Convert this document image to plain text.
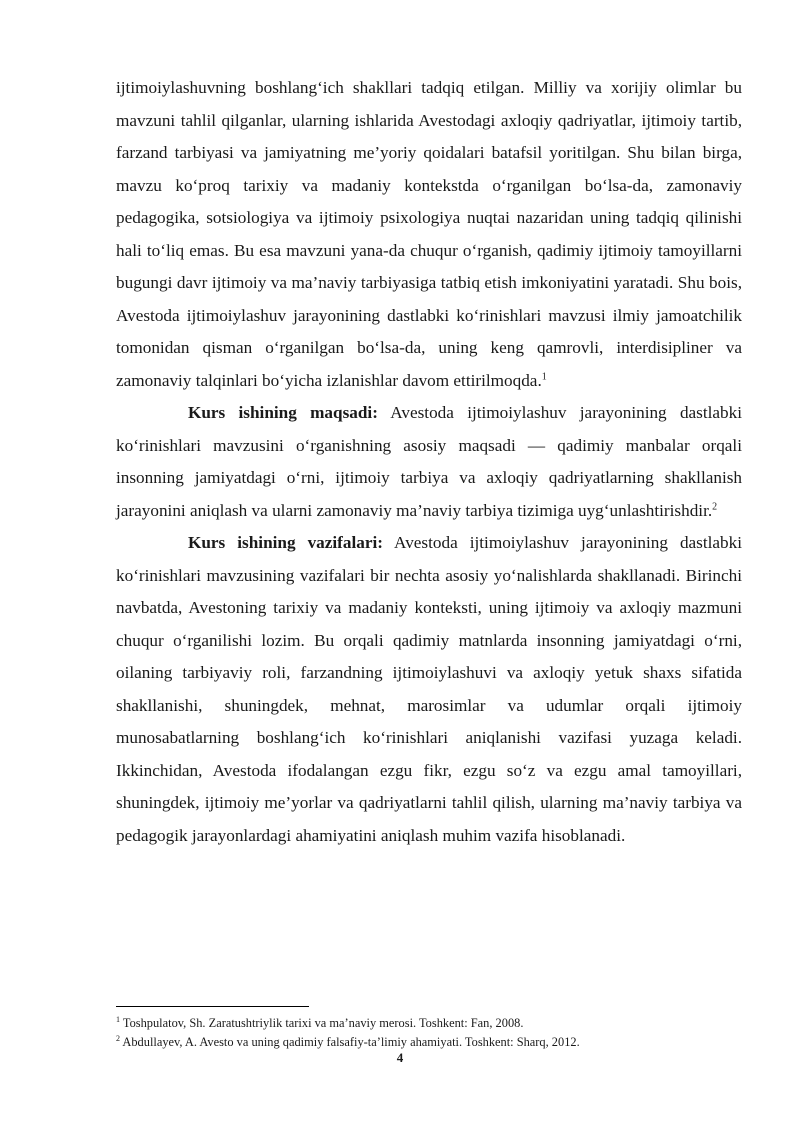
ijtimoiylashuvning boshlang‘ich shakllari tadqiq etilgan. Milliy va xorijiy olimlar bu mavzuni tahlil qilganlar, ularning ishlarida Avestodagi axloqiy qadriyatlar, ijtimoiy tartib, farzand tarbiyasi va jamiyatning me’yoriy qoidalari batafsil yoritilgan. Shu bilan birga, mavzu ko‘proq tarixiy va madaniy kontekstda o‘rganilgan bo‘lsa-da, zamonaviy pedagogika, sotsiologiya va ijtimoiy psixologiya nuqtai nazaridan uning tadqiq qilinishi hali to‘liq emas. Bu esa mavzuni yana-da chuqur o‘rganish, qadimiy ijtimoiy tamoyillarni bugungi davr ijtimoiy va ma’naviy tarbiyasiga tatbiq etish imkoniyatini yaratadi. Shu bois, Avestoda ijtimoiylashuv jarayonining dastlabki ko‘rinishlari mavzusi ilmiy jamoatchilik tomonidan qisman o‘rganilgan bo‘lsa-da, uning keng qamrovli, interdisipliner va zamonaviy talqinlari bo‘yicha izlanishlar davom ettirilmoqda.$^1$

Kurs ishining maqsadi: Avestoda ijtimoiylashuv jarayonining dastlabki ko‘rinishlari mavzusini o‘rganishning asosiy maqsadi — qadimiy manbalar orqali insonning jamiyatdagi o‘rni, ijtimoiy tarbiya va axloqiy qadriyatlarning shakllanish jarayonini aniqlash va ularni zamonaviy ma’naviy tarbiya tizimiga uyg‘unlashtirishdir.$^2$

Kurs ishining vazifalari: Avestoda ijtimoiylashuv jarayonining dastlabki ko‘rinishlari mavzusining vazifalari bir nechta asosiy yo‘nalishlarda shakllanadi. Birinchi navbatda, Avestoning tarixiy va madaniy konteksti, uning ijtimoiy va axloqiy mazmuni chuqur o‘rganilishi lozim. Bu orqali qadimiy matnlarda insonning jamiyatdagi o‘rni, oilaning tarbiyaviy roli, farzandning ijtimoiylashuvi va axloqiy yetuk shaxs sifatida shakllanishi, shuningdek, mehnat, marosimlar va udumlar orqali ijtimoiy munosabatlarning boshlang‘ich ko‘rinishlari aniqlanishi vazifasi yuzaga keladi. Ikkinchidan, Avestoda ifodalangan ezgu fikr, ezgu so‘z va ezgu amal tamoyillari, shuningdek, ijtimoiy me’yorlar va qadriyatlarni tahlil qilish, ularning ma’naviy tarbiya va pedagogik jarayonlardagi ahamiyatini aniqlash muhim vazifa hisoblanadi.

$^1$ Toshpulatov, Sh. Zaratushtriylik tarixi va ma’naviy merosi. Toshkent: Fan, 2008.

$^2$ Abdullayev, A. Avesto va uning qadimiy falsafiy-ta’limiy ahamiyati. Toshkent: Sharq, 2012.

4
